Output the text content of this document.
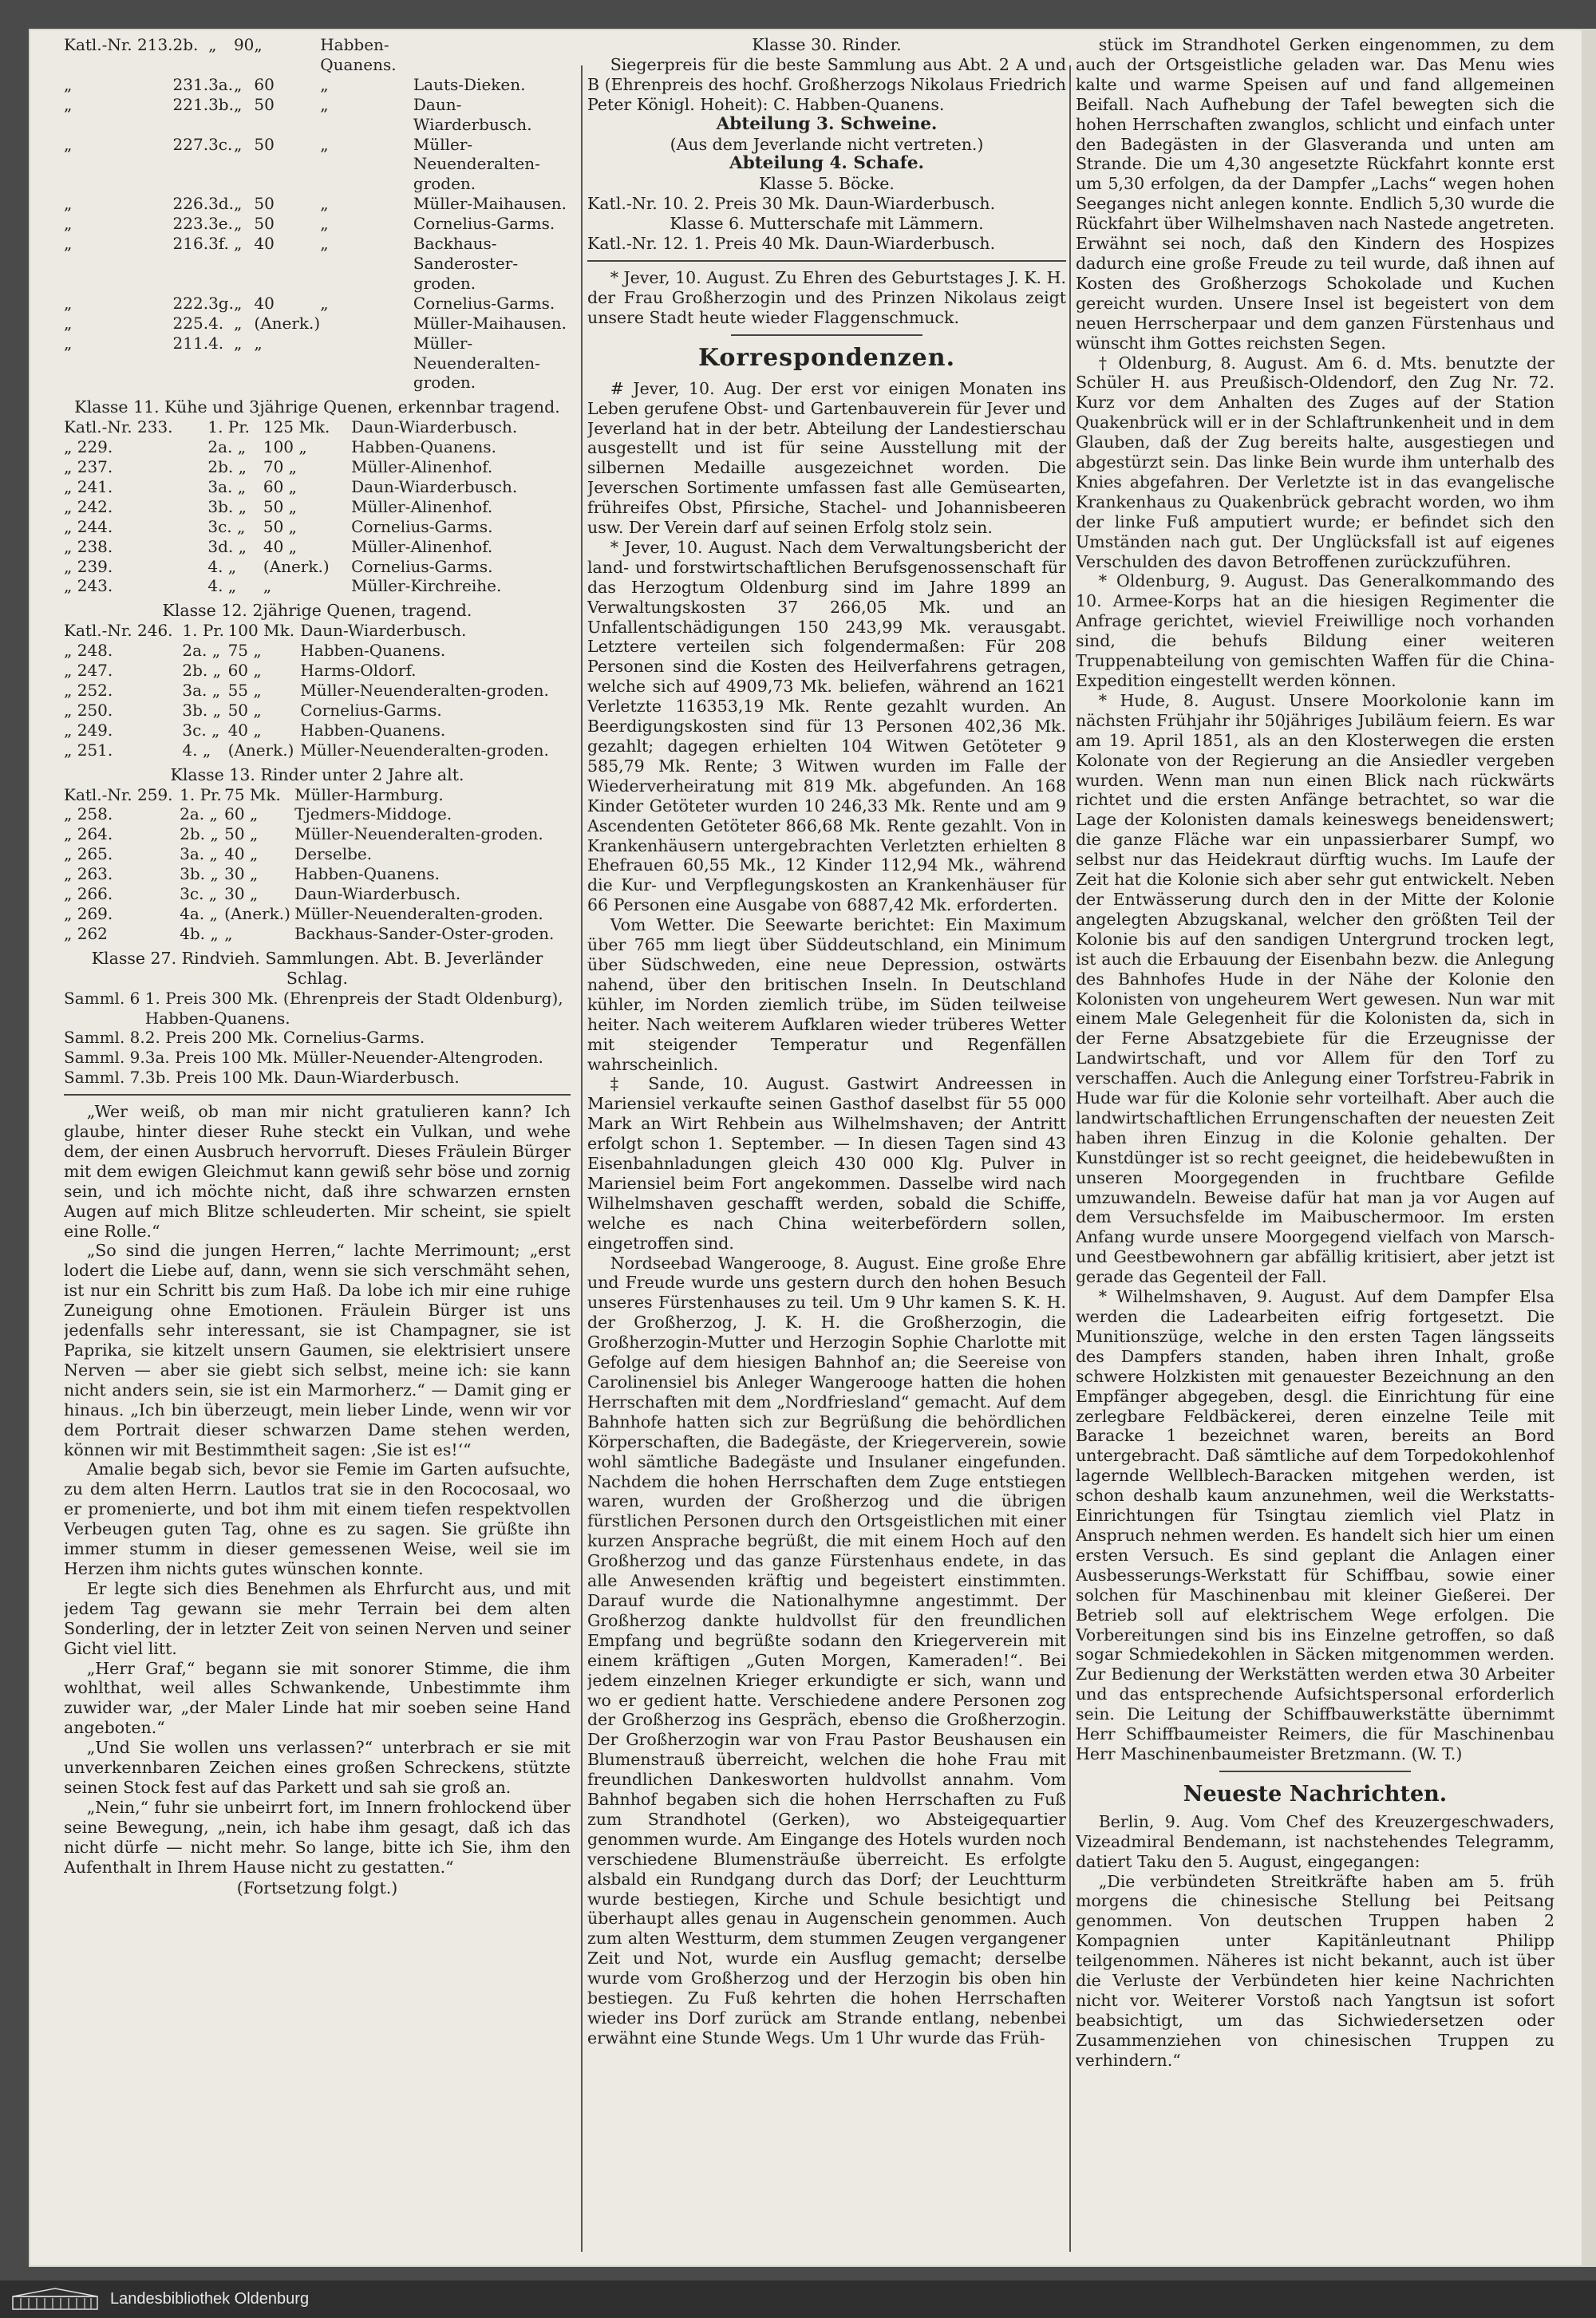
Katl.-Nr. 213.	2b.	„	90	„	Habben-Quanens.	
„	231.	3a.	„	60	„	Lauts-Dieken.
„	221.	3b.	„	50	„	Daun-Wiarderbusch.
„	227.	3c.	„	50	„	Müller-Neuenderalten-groden.
„	226.	3d.	„	50	„	Müller-Maihausen.
„	223.	3e.	„	50	„	Cornelius-Garms.
„	216.	3f.	„	40	„	Backhaus-Sanderoster-groden.
„	222.	3g.	„	40	„	Cornelius-Garms.
„	225.	4.	„	(Anerk.)		Müller-Maihausen.
„	211.	4.	„	„		Müller-Neuenderalten-groden.
Klasse 11. Kühe und 3jährige Quenen, erkennbar tragend.
Katl.-Nr. 233.	1. Pr.	125 Mk.	Daun-Wiarderbusch.
„ 229.	2a. „	100 „	Habben-Quanens.
„ 237.	2b. „	70 „	Müller-Alinenhof.
„ 241.	3a. „	60 „	Daun-Wiarderbusch.
„ 242.	3b. „	50 „	Müller-Alinenhof.
„ 244.	3c. „	50 „	Cornelius-Garms.
„ 238.	3d. „	40 „	Müller-Alinenhof.
„ 239.	4. „	(Anerk.)	Cornelius-Garms.
„ 243.	4. „	„	Müller-Kirchreihe.
Klasse 12. 2jährige Quenen, tragend.
Katl.-Nr. 246.	1. Pr.	100 Mk.	Daun-Wiarderbusch.
„ 248.	2a. „	75 „	Habben-Quanens.
„ 247.	2b. „	60 „	Harms-Oldorf.
„ 252.	3a. „	55 „	Müller-Neuenderalten-groden.
„ 250.	3b. „	50 „	Cornelius-Garms.
„ 249.	3c. „	40 „	Habben-Quanens.
„ 251.	4. „	(Anerk.)	Müller-Neuenderalten-groden.
Klasse 13. Rinder unter 2 Jahre alt.
Katl.-Nr. 259.	1. Pr.	75 Mk.	Müller-Harmburg.
„ 258.	2a. „	60 „	Tjedmers-Middoge.
„ 264.	2b. „	50 „	Müller-Neuenderalten-groden.
„ 265.	3a. „	40 „	Derselbe.
„ 263.	3b. „	30 „	Habben-Quanens.
„ 266.	3c. „	30 „	Daun-Wiarderbusch.
„ 269.	4a. „	(Anerk.)	Müller-Neuenderalten-groden.
„ 262	4b. „	„	Backhaus-Sander-Oster-groden.
Klasse 27. Rindvieh. Sammlungen. Abt. B. Jeverländer Schlag.
Samml. 6	1. Preis 300 Mk. (Ehrenpreis der Stadt Oldenburg), Habben-Quanens.
Samml. 8.	2. Preis 200 Mk. Cornelius-Garms.
Samml. 9.	3a. Preis 100 Mk. Müller-Neuender-Altengroden.
Samml. 7.	3b. Preis 100 Mk. Daun-Wiarderbusch.

„Wer weiß, ob man mir nicht gratulieren kann? Ich glaube, hinter dieser Ruhe steckt ein Vulkan, und wehe dem, der einen Ausbruch hervorruft. Dieses Fräulein Bürger mit dem ewigen Gleichmut kann gewiß sehr böse und zornig sein, und ich möchte nicht, daß ihre schwarzen ernsten Augen auf mich Blitze schleuderten. Mir scheint, sie spielt eine Rolle.“

„So sind die jungen Herren,“ lachte Merrimount; „erst lodert die Liebe auf, dann, wenn sie sich verschmäht sehen, ist nur ein Schritt bis zum Haß. Da lobe ich mir eine ruhige Zuneigung ohne Emotionen. Fräulein Bürger ist uns jedenfalls sehr interessant, sie ist Champagner, sie ist Paprika, sie kitzelt unsern Gaumen, sie elektrisiert unsere Nerven — aber sie giebt sich selbst, meine ich: sie kann nicht anders sein, sie ist ein Marmorherz.“ — Damit ging er hinaus. „Ich bin überzeugt, mein lieber Linde, wenn wir vor dem Portrait dieser schwarzen Dame stehen werden, können wir mit Bestimmtheit sagen: ‚Sie ist es!‘“

Amalie begab sich, bevor sie Femie im Garten aufsuchte, zu dem alten Herrn. Lautlos trat sie in den Rococosaal, wo er promenierte, und bot ihm mit einem tiefen respektvollen Verbeugen guten Tag, ohne es zu sagen. Sie grüßte ihn immer stumm in dieser gemessenen Weise, weil sie im Herzen ihm nichts gutes wünschen konnte.

Er legte sich dies Benehmen als Ehrfurcht aus, und mit jedem Tag gewann sie mehr Terrain bei dem alten Sonderling, der in letzter Zeit von seinen Nerven und seiner Gicht viel litt.

„Herr Graf,“ begann sie mit sonorer Stimme, die ihm wohlthat, weil alles Schwankende, Unbestimmte ihm zuwider war, „der Maler Linde hat mir soeben seine Hand angeboten.“

„Und Sie wollen uns verlassen?“ unterbrach er sie mit unverkennbaren Zeichen eines großen Schreckens, stützte seinen Stock fest auf das Parkett und sah sie groß an.

„Nein,“ fuhr sie unbeirrt fort, im Innern frohlockend über seine Bewegung, „nein, ich habe ihm gesagt, daß ich das nicht dürfe — nicht mehr. So lange, bitte ich Sie, ihm den Aufenthalt in Ihrem Hause nicht zu gestatten.“

(Fortsetzung folgt.)
Klasse 30. Rinder.

Siegerpreis für die beste Sammlung aus Abt. 2 A und B (Ehrenpreis des hochf. Großherzogs Nikolaus Friedrich Peter Königl. Hoheit): C. Habben-Quanens.

Abteilung 3. Schweine.
(Aus dem Jeverlande nicht vertreten.)
Abteilung 4. Schafe.
Klasse 5. Böcke.
Katl.-Nr. 10. 2. Preis 30 Mk. Daun-Wiarderbusch.
Klasse 6. Mutterschafe mit Lämmern.
Katl.-Nr. 12. 1. Preis 40 Mk. Daun-Wiarderbusch.

* Jever, 10. August. Zu Ehren des Geburtstages J. K. H. der Frau Großherzogin und des Prinzen Nikolaus zeigt unsere Stadt heute wieder Flaggenschmuck.

Korrespondenzen.

# Jever, 10. Aug. Der erst vor einigen Monaten ins Leben gerufene Obst- und Gartenbauverein für Jever und Jeverland hat in der betr. Abteilung der Landestierschau ausgestellt und ist für seine Ausstellung mit der silbernen Medaille ausgezeichnet worden. Die Jeverschen Sortimente umfassen fast alle Gemüsearten, frühreifes Obst, Pfirsiche, Stachel- und Johannisbeeren usw. Der Verein darf auf seinen Erfolg stolz sein.

* Jever, 10. August. Nach dem Verwaltungsbericht der land- und forstwirtschaftlichen Berufsgenossenschaft für das Herzogtum Oldenburg sind im Jahre 1899 an Verwaltungskosten 37 266,05 Mk. und an Unfallentschädigungen 150 243,99 Mk. verausgabt. Letztere verteilen sich folgendermaßen: Für 208 Personen sind die Kosten des Heilverfahrens getragen, welche sich auf 4909,73 Mk. beliefen, während an 1621 Verletzte 116353,19 Mk. Rente gezahlt wurden. An Beerdigungskosten sind für 13 Personen 402,36 Mk. gezahlt; dagegen erhielten 104 Witwen Getöteter 9 585,79 Mk. Rente; 3 Witwen wurden im Falle der Wiederverheiratung mit 819 Mk. abgefunden. An 168 Kinder Getöteter wurden 10 246,33 Mk. Rente und am 9 Ascendenten Getöteter 866,68 Mk. Rente gezahlt. Von in Krankenhäusern untergebrachten Verletzten erhielten 8 Ehefrauen 60,55 Mk., 12 Kinder 112,94 Mk., während die Kur- und Verpflegungskosten an Krankenhäuser für 66 Personen eine Ausgabe von 6887,42 Mk. erforderten.

Vom Wetter. Die Seewarte berichtet: Ein Maximum über 765 mm liegt über Süddeutschland, ein Minimum über Südschweden, eine neue Depression, ostwärts nahend, über den britischen Inseln. In Deutschland kühler, im Norden ziemlich trübe, im Süden teilweise heiter. Nach weiterem Aufklaren wieder trüberes Wetter mit steigender Temperatur und Regenfällen wahrscheinlich.

‡ Sande, 10. August. Gastwirt Andreessen in Mariensiel verkaufte seinen Gasthof daselbst für 55 000 Mark an Wirt Rehbein aus Wilhelmshaven; der Antritt erfolgt schon 1. September. — In diesen Tagen sind 43 Eisenbahnladungen gleich 430 000 Klg. Pulver in Mariensiel beim Fort angekommen. Dasselbe wird nach Wilhelmshaven geschafft werden, sobald die Schiffe, welche es nach China weiterbefördern sollen, eingetroffen sind.

Nordseebad Wangerooge, 8. August. Eine große Ehre und Freude wurde uns gestern durch den hohen Besuch unseres Fürstenhauses zu teil. Um 9 Uhr kamen S. K. H. der Großherzog, J. K. H. die Großherzogin, die Großherzogin-Mutter und Herzogin Sophie Charlotte mit Gefolge auf dem hiesigen Bahnhof an; die Seereise von Carolinensiel bis Anleger Wangerooge hatten die hohen Herrschaften mit dem „Nordfriesland“ gemacht. Auf dem Bahnhofe hatten sich zur Begrüßung die behördlichen Körperschaften, die Badegäste, der Kriegerverein, sowie wohl sämtliche Badegäste und Insulaner eingefunden. Nachdem die hohen Herrschaften dem Zuge entstiegen waren, wurden der Großherzog und die übrigen fürstlichen Personen durch den Ortsgeistlichen mit einer kurzen Ansprache begrüßt, die mit einem Hoch auf den Großherzog und das ganze Fürstenhaus endete, in das alle Anwesenden kräftig und begeistert einstimmten. Darauf wurde die Nationalhymne angestimmt. Der Großherzog dankte huldvollst für den freundlichen Empfang und begrüßte sodann den Kriegerverein mit einem kräftigen „Guten Morgen, Kameraden!“. Bei jedem einzelnen Krieger erkundigte er sich, wann und wo er gedient hatte. Verschiedene andere Personen zog der Großherzog ins Gespräch, ebenso die Großherzogin. Der Großherzogin war von Frau Pastor Beushausen ein Blumenstrauß überreicht, welchen die hohe Frau mit freundlichen Dankesworten huldvollst annahm. Vom Bahnhof begaben sich die hohen Herrschaften zu Fuß zum Strandhotel (Gerken), wo Absteigequartier genommen wurde. Am Eingange des Hotels wurden noch verschiedene Blumensträuße überreicht. Es erfolgte alsbald ein Rundgang durch das Dorf; der Leuchtturm wurde bestiegen, Kirche und Schule besichtigt und überhaupt alles genau in Augenschein genommen. Auch zum alten Westturm, dem stummen Zeugen vergangener Zeit und Not, wurde ein Ausflug gemacht; derselbe wurde vom Großherzog und der Herzogin bis oben hin bestiegen. Zu Fuß kehrten die hohen Herrschaften wieder ins Dorf zurück am Strande entlang, nebenbei erwähnt eine Stunde Wegs. Um 1 Uhr wurde das Früh-

stück im Strandhotel Gerken eingenommen, zu dem auch der Ortsgeistliche geladen war. Das Menu wies kalte und warme Speisen auf und fand allgemeinen Beifall. Nach Aufhebung der Tafel bewegten sich die hohen Herrschaften zwanglos, schlicht und einfach unter den Badegästen in der Glasveranda und unten am Strande. Die um 4,30 angesetzte Rückfahrt konnte erst um 5,30 erfolgen, da der Dampfer „Lachs“ wegen hohen Seeganges nicht anlegen konnte. Endlich 5,30 wurde die Rückfahrt über Wilhelmshaven nach Nastede angetreten. Erwähnt sei noch, daß den Kindern des Hospizes dadurch eine große Freude zu teil wurde, daß ihnen auf Kosten des Großherzogs Schokolade und Kuchen gereicht wurden. Unsere Insel ist begeistert von dem neuen Herrscherpaar und dem ganzen Fürstenhaus und wünscht ihm Gottes reichsten Segen.

† Oldenburg, 8. August. Am 6. d. Mts. benutzte der Schüler H. aus Preußisch-Oldendorf, den Zug Nr. 72. Kurz vor dem Anhalten des Zuges auf der Station Quakenbrück will er in der Schlaftrunkenheit und in dem Glauben, daß der Zug bereits halte, ausgestiegen und abgestürzt sein. Das linke Bein wurde ihm unterhalb des Knies abgefahren. Der Verletzte ist in das evangelische Krankenhaus zu Quakenbrück gebracht worden, wo ihm der linke Fuß amputiert wurde; er befindet sich den Umständen nach gut. Der Unglücksfall ist auf eigenes Verschulden des davon Betroffenen zurückzuführen.

* Oldenburg, 9. August. Das Generalkommando des 10. Armee-Korps hat an die hiesigen Regimenter die Anfrage gerichtet, wieviel Freiwillige noch vorhanden sind, die behufs Bildung einer weiteren Truppenabteilung von gemischten Waffen für die China-Expedition eingestellt werden können.

* Hude, 8. August. Unsere Moorkolonie kann im nächsten Frühjahr ihr 50jähriges Jubiläum feiern. Es war am 19. April 1851, als an den Klosterwegen die ersten Kolonate von der Regierung an die Ansiedler vergeben wurden. Wenn man nun einen Blick nach rückwärts richtet und die ersten Anfänge betrachtet, so war die Lage der Kolonisten damals keineswegs beneidenswert; die ganze Fläche war ein unpassierbarer Sumpf, wo selbst nur das Heidekraut dürftig wuchs. Im Laufe der Zeit hat die Kolonie sich aber sehr gut entwickelt. Neben der Entwässerung durch den in der Mitte der Kolonie angelegten Abzugskanal, welcher den größten Teil der Kolonie bis auf den sandigen Untergrund trocken legt, ist auch die Erbauung der Eisenbahn bezw. die Anlegung des Bahnhofes Hude in der Nähe der Kolonie den Kolonisten von ungeheurem Wert gewesen. Nun war mit einem Male Gelegenheit für die Kolonisten da, sich in der Ferne Absatzgebiete für die Erzeugnisse der Landwirtschaft, und vor Allem für den Torf zu verschaffen. Auch die Anlegung einer Torfstreu-Fabrik in Hude war für die Kolonie sehr vorteilhaft. Aber auch die landwirtschaftlichen Errungenschaften der neuesten Zeit haben ihren Einzug in die Kolonie gehalten. Der Kunstdünger ist so recht geeignet, die heidebewußten in unseren Moorgegenden in fruchtbare Gefilde umzuwandeln. Beweise dafür hat man ja vor Augen auf dem Versuchsfelde im Maibuschermoor. Im ersten Anfang wurde unsere Moorgegend vielfach von Marsch- und Geestbewohnern gar abfällig kritisiert, aber jetzt ist gerade das Gegenteil der Fall.

* Wilhelmshaven, 9. August. Auf dem Dampfer Elsa werden die Ladearbeiten eifrig fortgesetzt. Die Munitionszüge, welche in den ersten Tagen längsseits des Dampfers standen, haben ihren Inhalt, große schwere Holzkisten mit genauester Bezeichnung an den Empfänger abgegeben, desgl. die Einrichtung für eine zerlegbare Feldbäckerei, deren einzelne Teile mit Baracke 1 bezeichnet waren, bereits an Bord untergebracht. Daß sämtliche auf dem Torpedokohlenhof lagernde Wellblech-Baracken mitgehen werden, ist schon deshalb kaum anzunehmen, weil die Werkstatts-Einrichtungen für Tsingtau ziemlich viel Platz in Anspruch nehmen werden. Es handelt sich hier um einen ersten Versuch. Es sind geplant die Anlagen einer Ausbesserungs-Werkstatt für Schiffbau, sowie einer solchen für Maschinenbau mit kleiner Gießerei. Der Betrieb soll auf elektrischem Wege erfolgen. Die Vorbereitungen sind bis ins Einzelne getroffen, so daß sogar Schmiedekohlen in Säcken mitgenommen werden. Zur Bedienung der Werkstätten werden etwa 30 Arbeiter und das entsprechende Aufsichtspersonal erforderlich sein. Die Leitung der Schiffbauwerkstätte übernimmt Herr Schiffbaumeister Reimers, die für Maschinenbau Herr Maschinenbaumeister Bretzmann. (W. T.)

Neueste Nachrichten.

Berlin, 9. Aug. Vom Chef des Kreuzergeschwaders, Vizeadmiral Bendemann, ist nachstehendes Telegramm, datiert Taku den 5. August, eingegangen:

„Die verbündeten Streitkräfte haben am 5. früh morgens die chinesische Stellung bei Peitsang genommen. Von deutschen Truppen haben 2 Kompagnien unter Kapitänleutnant Philipp teilgenommen. Näheres ist nicht bekannt, auch ist über die Verluste der Verbündeten hier keine Nachrichten nicht vor. Weiterer Vorstoß nach Yangtsun ist sofort beabsichtigt, um das Sichwiedersetzen oder Zusammenziehen von chinesischen Truppen zu verhindern.“

Landesbibliothek Oldenburg
